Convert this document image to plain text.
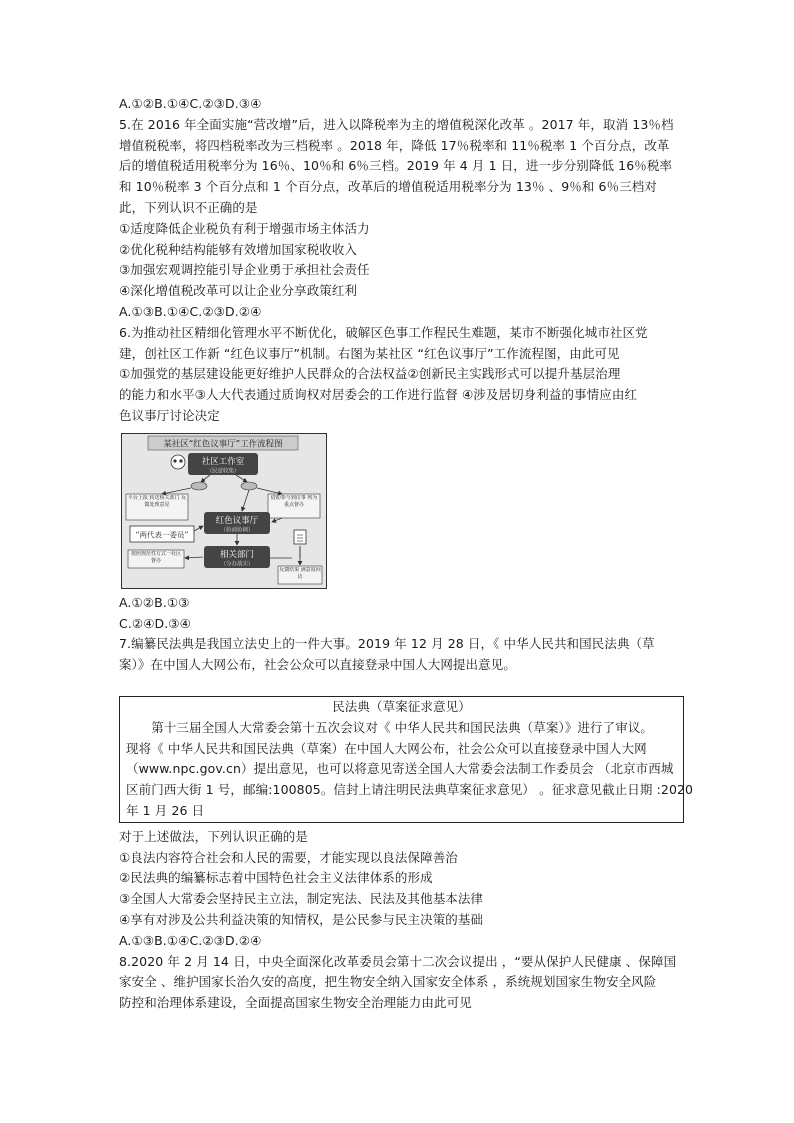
A.①②B.①④C.②③D.③④
5.在 2016 年全面实施“营改增”后，进入以降税率为主的增值税深化改革 。2017 年，取消 13％档
增值税税率，将四档税率改为三档税率 。2018 年，降低 17％税率和 11％税率 1 个百分点，改革
后的增值税适用税率分为 16％、10％和 6％三档。2019 年 4 月 1 日，进一步分别降低 16％税率
和 10％税率 3 个百分点和 1 个百分点，改革后的增值税适用税率分为 13％ 、9％和 6％三档对
此，下列认识不正确的是
①适度降低企业税负有利于增强市场主体活力
②优化税种结构能够有效增加国家税收收入
③加强宏观调控能引导企业勇于承担社会责任
④深化增值税改革可以让企业分享政策红利
A.①③B.①④C.②③D.②④
6.为推动社区精细化管理水平不断优化，破解区色事工作程民生难题，某市不断强化城市社区党
建，创社区工作新 “红色议事厅”机制。右图为某社区 “红色议事厅”工作流程图，由此可见
①加强党的基层建设能更好维护人民群众的合法权益②创新民主实践形式可以提升基层治理
的能力和水平③人大代表通过质询权对居委会的工作进行监督 ④涉及居切身利益的事情应由红
色议事厅讨论决定
某社区“红色议事厅”工作流程图
社区工作室
（民意收集）
平台上报 转送相关部门 反馈处理意见
借助参与到议事 列为重点督办
红色议事厅
（协商协调）
“两代表一委员”
相关部门
（分办落实）
按照规范性方式一社区督办
反馈结果 满意度回访
A.①②B.①③
C.②④D.③④
7.编纂民法典是我国立法史上的一件大事。2019 年 12 月 28 日，《 中华人民共和国民法典（草
案）》在中国人大网公布，社会公众可以直接登录中国人大网提出意见。
民法典（草案征求意见）
　　第十三届全国人大常委会第十五次会议对《 中华人民共和国民法典（草案）》进行了审议。
现将《 中华人民共和国民法典（草案）在中国人大网公布，社会公众可以直接登录中国人大网
（www.npc.gov.cn）提出意见，也可以将意见寄送全国人大常委会法制工作委员会 （北京市西城
区前门西大街 1 号，邮编:100805。信封上请注明民法典草案征求意见） 。征求意见截止日期 :2020
年 1 月 26 日
对于上述做法，下列认识正确的是
①良法内容符合社会和人民的需要，才能实现以良法保障善治
②民法典的编纂标志着中国特色社会主义法律体系的形成
③全国人大常委会坚持民主立法，制定宪法、民法及其他基本法律
④享有对涉及公共利益决策的知情权，是公民参与民主决策的基础
A.①③B.①④C.②③D.②④
8.2020 年 2 月 14 日，中央全面深化改革委员会第十二次会议提出 ，“要从保护人民健康 、保障国
家安全 、维护国家长治久安的高度，把生物安全纳入国家安全体系 ，系统规划国家生物安全风险
防控和治理体系建设，全面提高国家生物安全治理能力由此可见
